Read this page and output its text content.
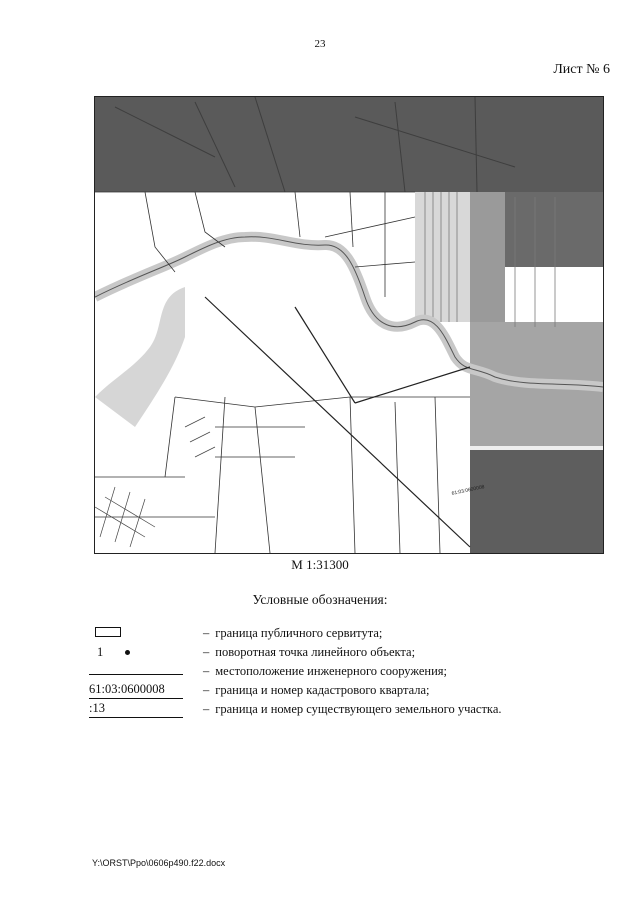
23
Лист № 6
61:03:0600008
М 1:31300
Условные обозначения:
– граница публичного сервитута;
1	– поворотная точка линейного объекта;
– местоположение инженерного сооружения;
61:03:0600008	– граница и номер кадастрового квартала;
:13	– граница и номер существующего земельного участка.
Y:\ORST\Ppo\0606p490.f22.docx
